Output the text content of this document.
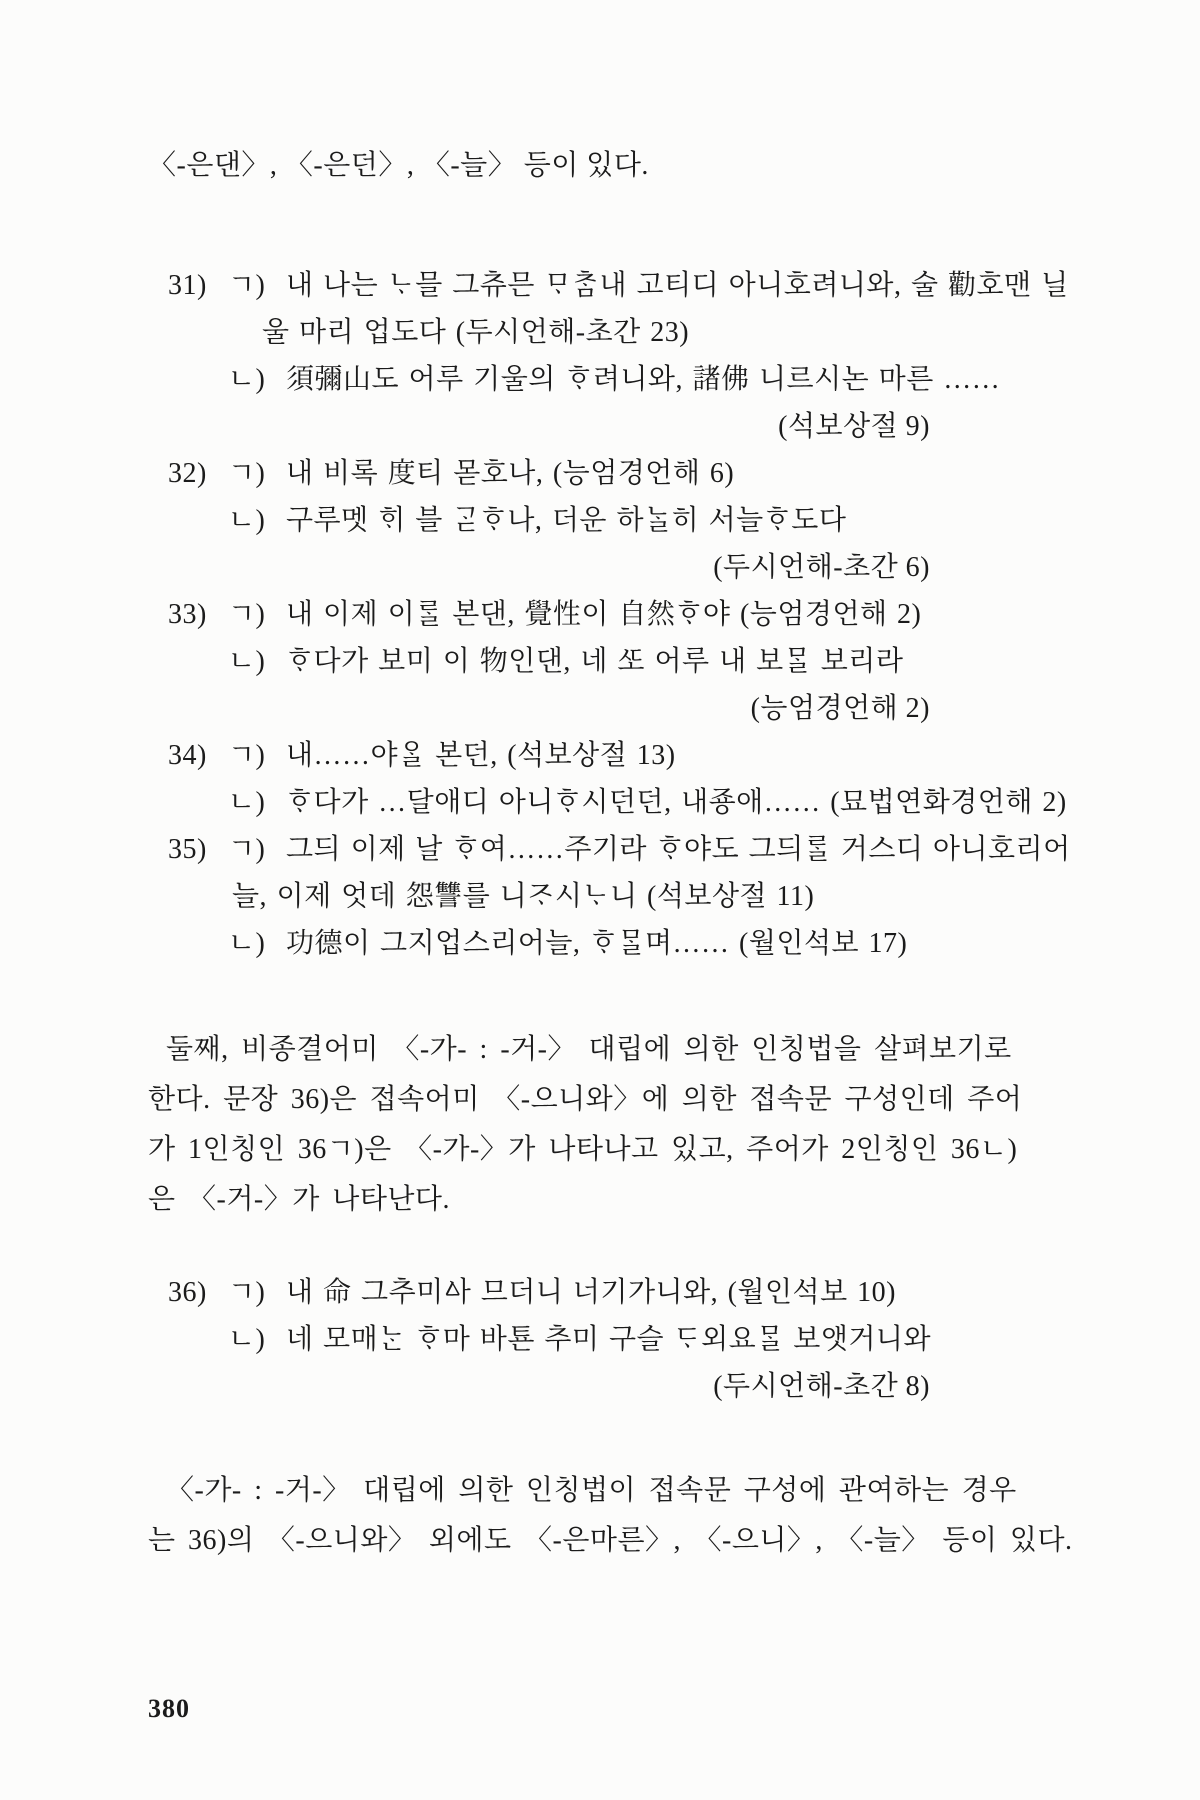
〈-은댄〉, 〈-은던〉, 〈-늘〉 등이 있다.
31) ㄱ) 내 나는 ᄂᆞ믈 그츄믄 ᄆᆞᄎᆞᆷ내 고티디 아니호려니와, 술 勸호맨 닐
울 마리 업도다 (두시언해-초간 23)
ㄴ) 須彌山도 어루 기울의 ᄒᆞ려니와, 諸佛 니르시논 마른 ……
(석보상절 9)
32) ㄱ) 내 비록 度티 몯호나, (능엄경언해 6)
ㄴ) 구루멧 ᄒᆡ 블 ᄀᆞᆮᄒᆞ나, 더운 하ᄂᆞᆯ히 서늘ᄒᆞ도다
(두시언해-초간 6)
33) ㄱ) 내 이제 이ᄅᆞᆯ 본댄, 覺性이 自然ᄒᆞ야 (능엄경언해 2)
ㄴ) ᄒᆞ다가 보미 이 物인댄, 네 ᄯᅩ 어루 내 보ᄆᆞᆯ 보리라
(능엄경언해 2)
34) ㄱ) 내……야ᄋᆞᆯ 본던, (석보상절 13)
ㄴ) ᄒᆞ다가 …달애디 아니ᄒᆞ시던던, 내죵애…… (묘법연화경언해 2)
35) ㄱ) 그듸 이제 날 ᄒᆞ여……주기라 ᄒᆞ야도 그듸ᄅᆞᆯ 거스디 아니호리어
늘, 이제 엇데 怨讐를 니ᄌᆞ시ᄂᆞ니 (석보상절 11)
ㄴ) 功德이 그지업스리어늘, ᄒᆞᄆᆞᆯ며…… (월인석보 17)
둘째, 비종결어미 〈-가- : -거-〉 대립에 의한 인칭법을 살펴보기로
한다. 문장 36)은 접속어미 〈-으니와〉에 의한 접속문 구성인데 주어
가 1인칭인 36ㄱ)은 〈-가-〉가 나타나고 있고, 주어가 2인칭인 36ㄴ)
은 〈-거-〉가 나타난다.
36) ㄱ) 내 命 그추미ᅀᅡ 므더니 너기가니와, (월인석보 10)
ㄴ) 네 모매ᄂᆞᆫ ᄒᆞ마 바툔 추미 구슬 ᄃᆞ외요ᄆᆞᆯ 보앳거니와
(두시언해-초간 8)
〈-가- : -거-〉 대립에 의한 인칭법이 접속문 구성에 관여하는 경우
는 36)의 〈-으니와〉 외에도 〈-은마른〉, 〈-으니〉, 〈-늘〉 등이 있다.
380
